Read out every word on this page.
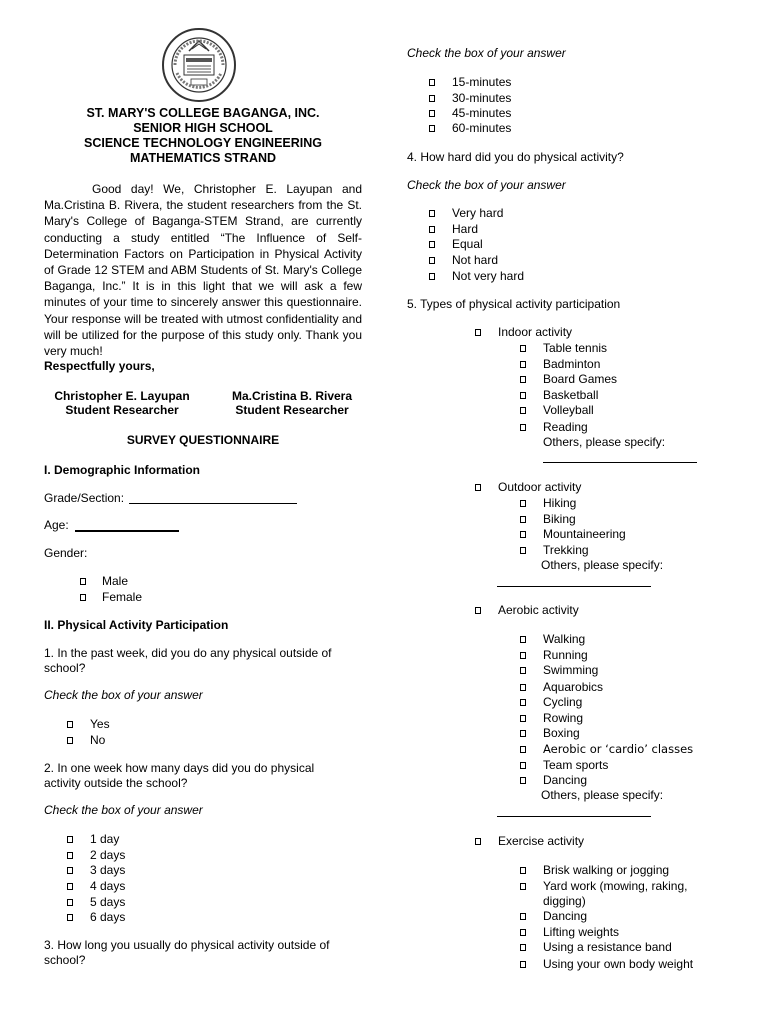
ST. MARY'S COLLEGE BAGANGA, INC.
SENIOR HIGH SCHOOL
SCIENCE TECHNOLOGY ENGINEERING
MATHEMATICS STRAND
Good day! We, Christopher E. Layupan and Ma.Cristina B. Rivera, the student researchers from the St. Mary's College of Baganga-STEM Strand, are currently conducting a study entitled “The Influence of Self-Determination Factors on Participation in Physical Activity of Grade 12 STEM and ABM Students of St. Mary's College Baganga, Inc.” It is in this light that we will ask a few minutes of your time to sincerely answer this questionnaire. Your response will be treated with utmost confidentiality and will be utilized for the purpose of this study only. Thank you very much!
Respectfully yours,
Christopher E. Layupan
Student Researcher
Ma.Cristina B. Rivera
Student Researcher
SURVEY QUESTIONNAIRE
I. Demographic Information
Grade/Section:
Age:
Gender:
Male
Female
II. Physical Activity Participation
1. In the past week, did you do any physical outside of
school?
Check the box of your answer
Yes
No
2. In one week how many days did you do physical
activity outside the school?
Check the box of your answer
1 day
2 days
3 days
4 days
5 days
6 days
3. How long you usually do physical activity outside of
school?
Check the box of your answer
15-minutes
30-minutes
45-minutes
60-minutes
4. How hard did you do physical activity?
Check the box of your answer
Very hard
Hard
Equal
Not hard
Not very hard
5. Types of physical activity participation
Indoor activity
Table tennis
Badminton
Board Games
Basketball
Volleyball
Reading
Others, please specify:
Outdoor activity
Hiking
Biking
Mountaineering
Trekking
Others, please specify:
Aerobic activity
Walking
Running
Swimming
Aquarobics
Cycling
Rowing
Boxing
Aerobic or ‘cardio’ classes
Team sports
Dancing
Others, please specify:
Exercise activity
Brisk walking or jogging
Yard work (mowing, raking,
digging)
Dancing
Lifting weights
Using a resistance band
Using your own body weight
